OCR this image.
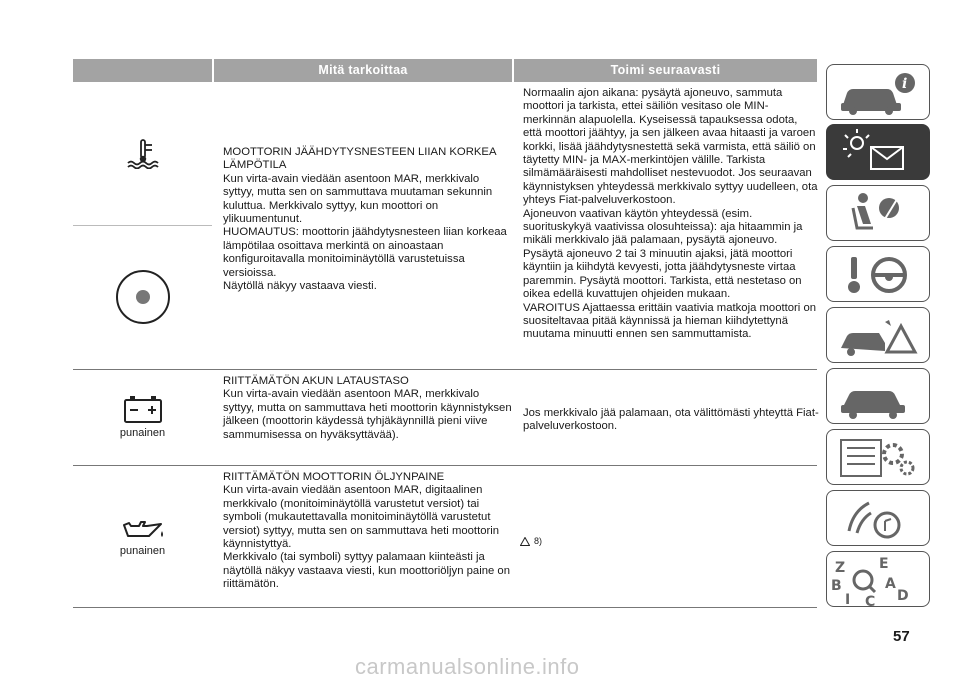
Mitä tarkoittaa	Toimi seuraavasti
MOOTTORIN JÄÄHDYTYSNESTEEN LIIAN KORKEA LÄMPÖTILA
Kun virta-avain viedään asentoon MAR, merkkivalo syttyy, mutta sen on sammuttava muutaman sekunnin kuluttua. Merkkivalo syttyy, kun moottori on ylikuumentunut.
HUOMAUTUS: moottorin jäähdytysnesteen liian korkeaa lämpötilaa osoittava merkintä on ainoastaan konfiguroitavalla monitoiminäytöllä varustetuissa versioissa.
Näytöllä näkyy vastaava viesti.
Normaalin ajon aikana: pysäytä ajoneuvo, sammuta moottori ja tarkista, ettei säiliön vesitaso ole MIN-merkinnän alapuolella. Kyseisessä tapauksessa odota, että moottori jäähtyy, ja sen jälkeen avaa hitaasti ja varoen korkki, lisää jäähdytysnestettä sekä varmista, että säiliö on täytetty MIN- ja MAX-merkintöjen välille. Tarkista silmämääräisesti mahdolliset nestevuodot. Jos seuraavan käynnistyksen yhteydessä merkkivalo syttyy uudelleen, ota yhteys Fiat-palveluverkostoon.
Ajoneuvon vaativan käytön yhteydessä (esim. suorituskykyä vaativissa olosuhteissa): aja hitaammin ja mikäli merkkivalo jää palamaan, pysäytä ajoneuvo. Pysäytä ajoneuvo 2 tai 3 minuutin ajaksi, jätä moottori käyntiin ja kiihdytä kevyesti, jotta jäähdytysneste virtaa paremmin. Pysäytä moottori. Tarkista, että nestetaso on oikea edellä kuvattujen ohjeiden mukaan.
VAROITUS Ajattaessa erittäin vaativia matkoja moottori on suositeltavaa pitää käynnissä ja hieman kiihdytettynä muutama minuutti ennen sen sammuttamista.
punainen
RIITTÄMÄTÖN AKUN LATAUSTASO
Kun virta-avain viedään asentoon MAR, merkkivalo syttyy, mutta on sammuttava heti moottorin käynnistyksen jälkeen (moottorin käydessä tyhjäkäynnillä pieni viive sammumisessa on hyväksyttävää).
Jos merkkivalo jää palamaan, ota välittömästi yhteyttä Fiat-palveluverkostoon.
punainen
RIITTÄMÄTÖN MOOTTORIN ÖLJYNPAINE
Kun virta-avain viedään asentoon MAR, digitaalinen merkkivalo (monitoiminäytöllä varustetut versiot) tai symboli (mukautettavalla monitoiminäytöllä varustetut versiot) syttyy, mutta sen on sammuttava heti moottorin käynnistyttyä.
Merkkivalo (tai symboli) syttyy palamaan kiinteästi ja näytöllä näkyy vastaava viesti, kun moottoriöljyn paine on riittämätön.
8)
i
Z E
B	A
I C D
57
carmanualsonline.info
